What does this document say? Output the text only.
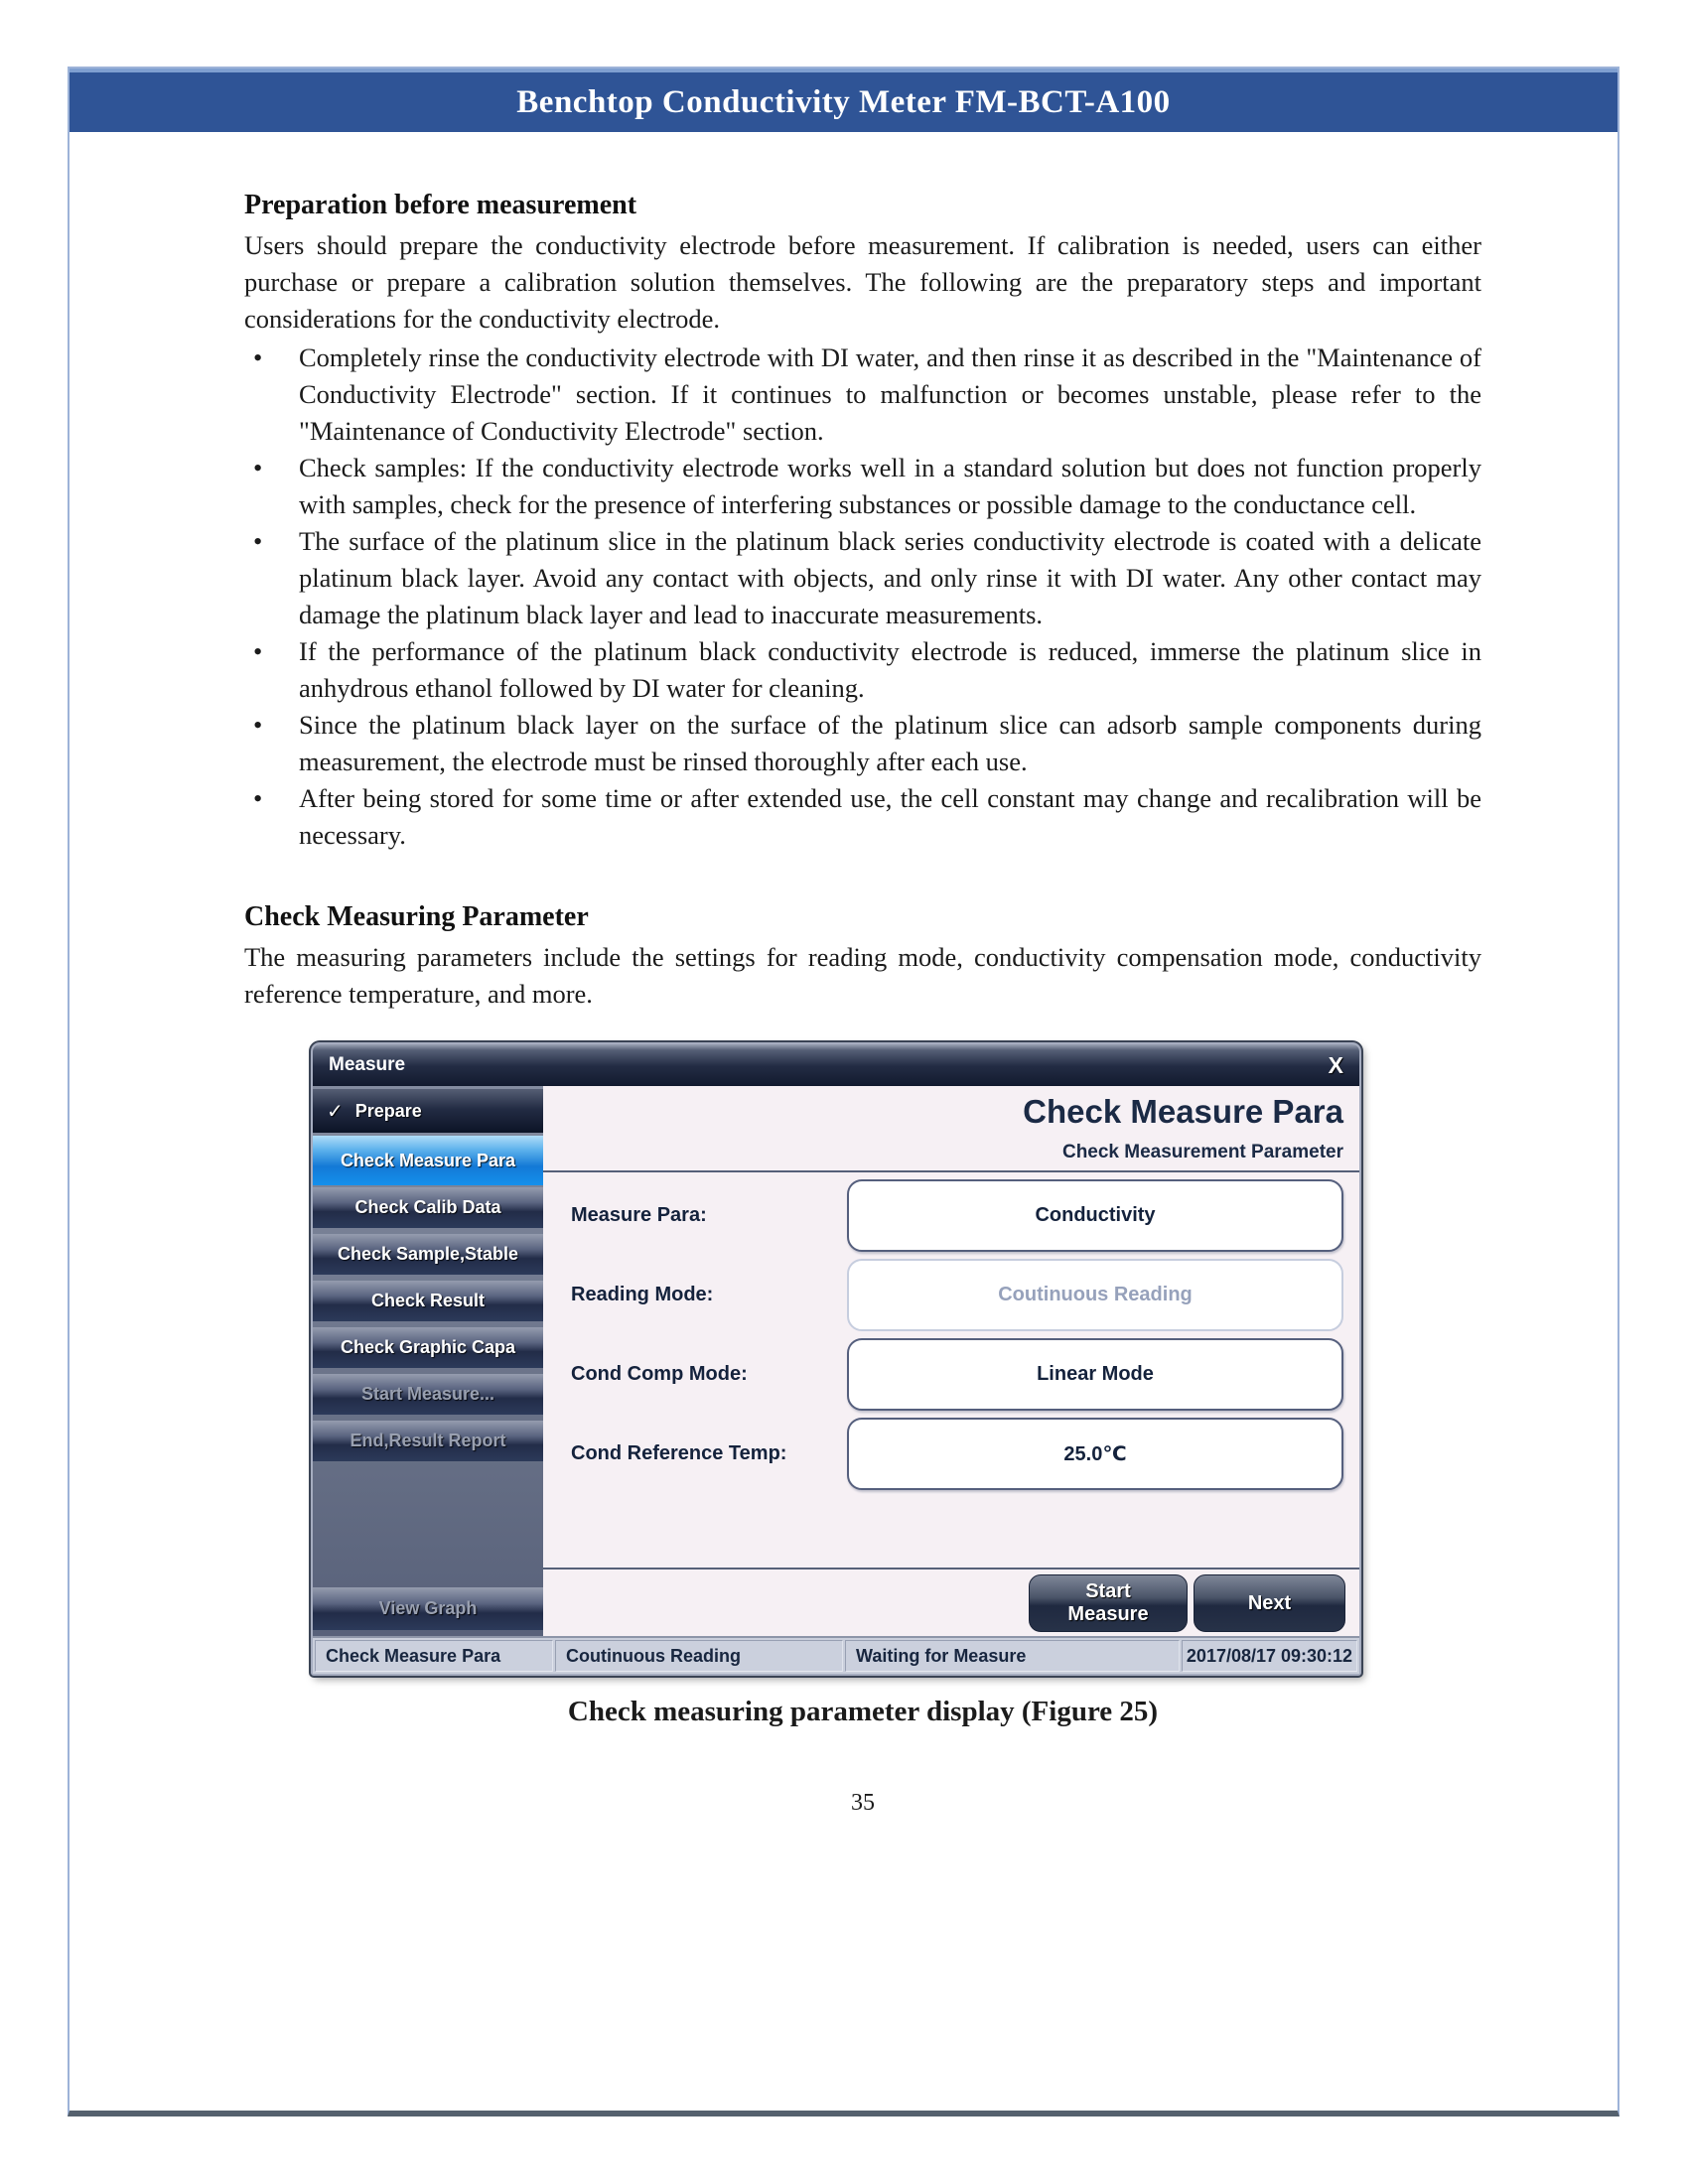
Benchtop Conductivity Meter FM-BCT-A100
Preparation before measurement

Users should prepare the conductivity electrode before measurement. If calibration is needed, users can either purchase or prepare a calibration solution themselves. The following are the preparatory steps and important considerations for the conductivity electrode.

• Completely rinse the conductivity electrode with DI water, and then rinse it as described in the "Maintenance of Conductivity Electrode" section. If it continues to malfunction or becomes unstable, please refer to the "Maintenance of Conductivity Electrode" section.
• Check samples: If the conductivity electrode works well in a standard solution but does not function properly with samples, check for the presence of interfering substances or possible damage to the conductance cell.
• The surface of the platinum slice in the platinum black series conductivity electrode is coated with a delicate platinum black layer. Avoid any contact with objects, and only rinse it with DI water. Any other contact may damage the platinum black layer and lead to inaccurate measurements.
• If the performance of the platinum black conductivity electrode is reduced, immerse the platinum slice in anhydrous ethanol followed by DI water for cleaning.
• Since the platinum black layer on the surface of the platinum slice can adsorb sample components during measurement, the electrode must be rinsed thoroughly after each use.
• After being stored for some time or after extended use, the cell constant may change and recalibration will be necessary.
Check Measuring Parameter

The measuring parameters include the settings for reading mode, conductivity compensation mode, conductivity reference temperature, and more.

Measure	X
✓ Prepare
Check Measure Para
Check Calib Data
Check Sample,Stable
Check Result
Check Graphic Capa
Start Measure...
End,Result Report
View Graph
Check Measure Para
Check Measurement Parameter
Measure Para:	Conductivity
Reading Mode:	Coutinuous Reading
Cond Comp Mode:	Linear Mode
Cond Reference Temp:	25.0℃
Start Measure
Next
Check Measure Para	Coutinuous Reading	Waiting for Measure	2017/08/17 09:30:12
Check measuring parameter display (Figure 25)
35
